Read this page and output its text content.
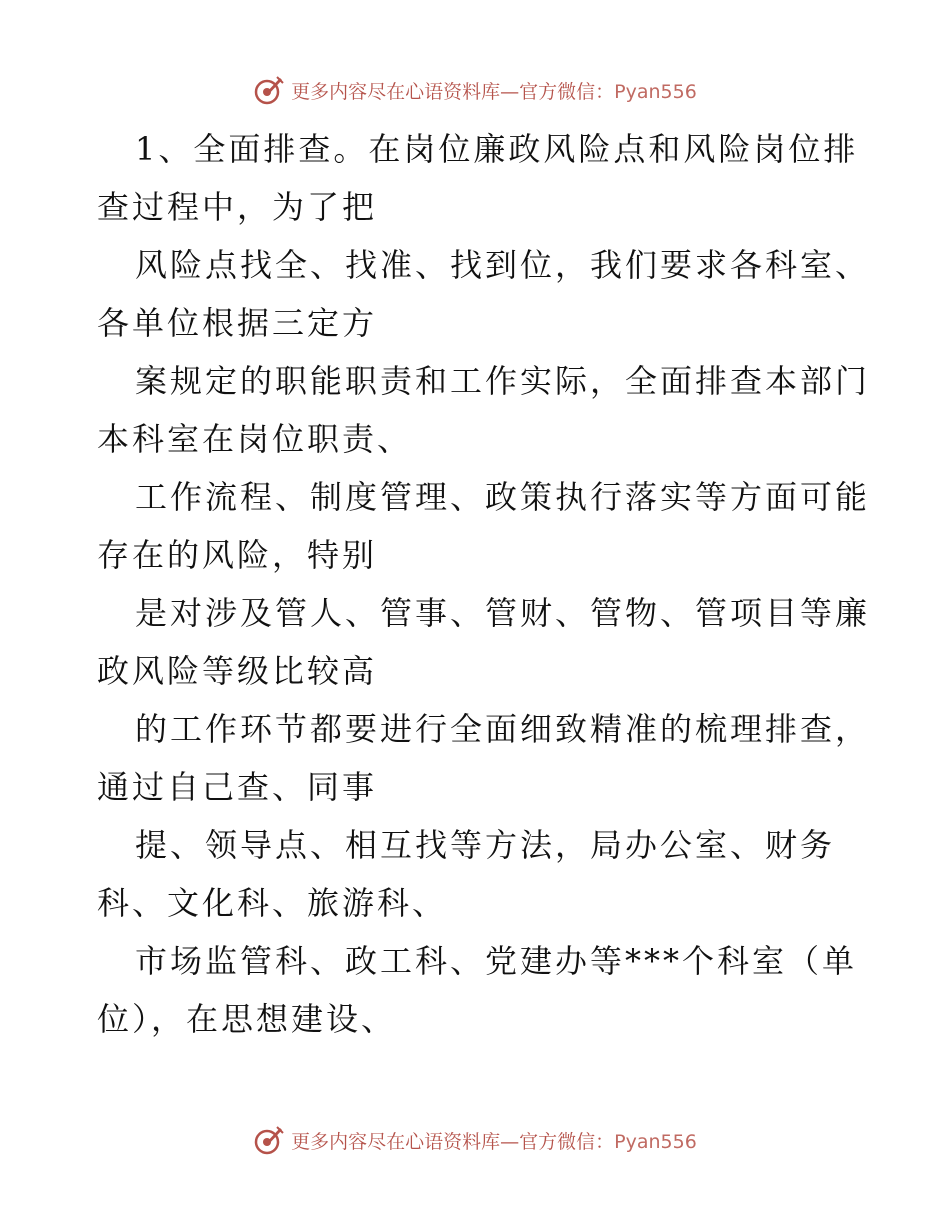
更多内容尽在心语资料库—官方微信：Pyan556
1、全面排查。在岗位廉政风险点和风险岗位排
查过程中，为了把
风险点找全、找准、找到位，我们要求各科室、
各单位根据三定方
案规定的职能职责和工作实际，全面排查本部门
本科室在岗位职责、
工作流程、制度管理、政策执行落实等方面可能
存在的风险，特别
是对涉及管人、管事、管财、管物、管项目等廉
政风险等级比较高
的工作环节都要进行全面细致精准的梳理排查，
通过自己查、同事
提、领导点、相互找等方法，局办公室、财务
科、文化科、旅游科、
市场监管科、政工科、党建办等***个科室（单
位），在思想建设、
更多内容尽在心语资料库—官方微信：Pyan556
